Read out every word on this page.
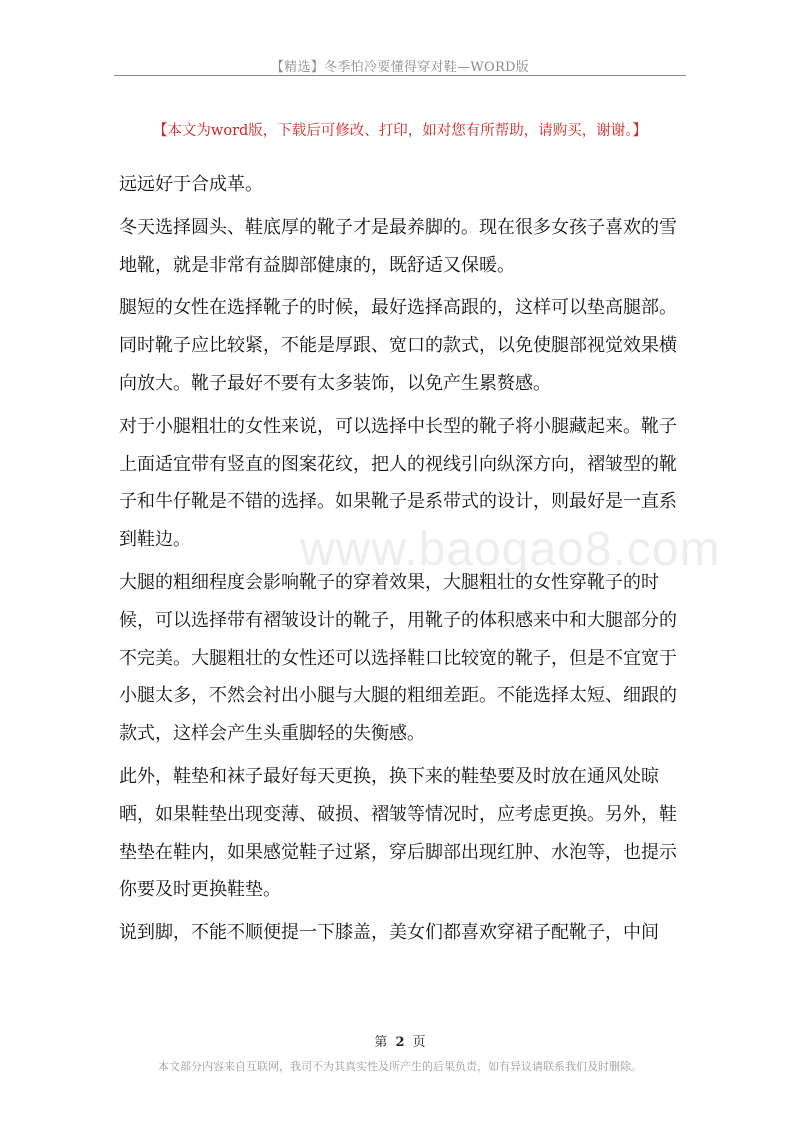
【精选】冬季怕冷要懂得穿对鞋—WORD版
【本文为word版，下载后可修改、打印，如对您有所帮助，请购买，谢谢。】
www.baogao8.com

远远好于合成革。

冬天选择圆头、鞋底厚的靴子才是最养脚的。现在很多女孩子喜欢的雪地靴，就是非常有益脚部健康的，既舒适又保暖。

腿短的女性在选择靴子的时候，最好选择高跟的，这样可以垫高腿部。同时靴子应比较紧，不能是厚跟、宽口的款式，以免使腿部视觉效果横向放大。靴子最好不要有太多装饰，以免产生累赘感。

对于小腿粗壮的女性来说，可以选择中长型的靴子将小腿藏起来。靴子上面适宜带有竖直的图案花纹，把人的视线引向纵深方向，褶皱型的靴子和牛仔靴是不错的选择。如果靴子是系带式的设计，则最好是一直系到鞋边。

大腿的粗细程度会影响靴子的穿着效果，大腿粗壮的女性穿靴子的时候，可以选择带有褶皱设计的靴子，用靴子的体积感来中和大腿部分的不完美。大腿粗壮的女性还可以选择鞋口比较宽的靴子，但是不宜宽于小腿太多，不然会衬出小腿与大腿的粗细差距。不能选择太短、细跟的款式，这样会产生头重脚轻的失衡感。

此外，鞋垫和袜子最好每天更换，换下来的鞋垫要及时放在通风处晾晒，如果鞋垫出现变薄、破损、褶皱等情况时，应考虑更换。另外，鞋垫垫在鞋内，如果感觉鞋子过紧，穿后脚部出现红肿、水泡等，也提示你要及时更换鞋垫。

说到脚，不能不顺便提一下膝盖，美女们都喜欢穿裙子配靴子，中间

第 2 页
本文部分内容来自互联网，我司不为其真实性及所产生的后果负责，如有异议请联系我们及时删除。
